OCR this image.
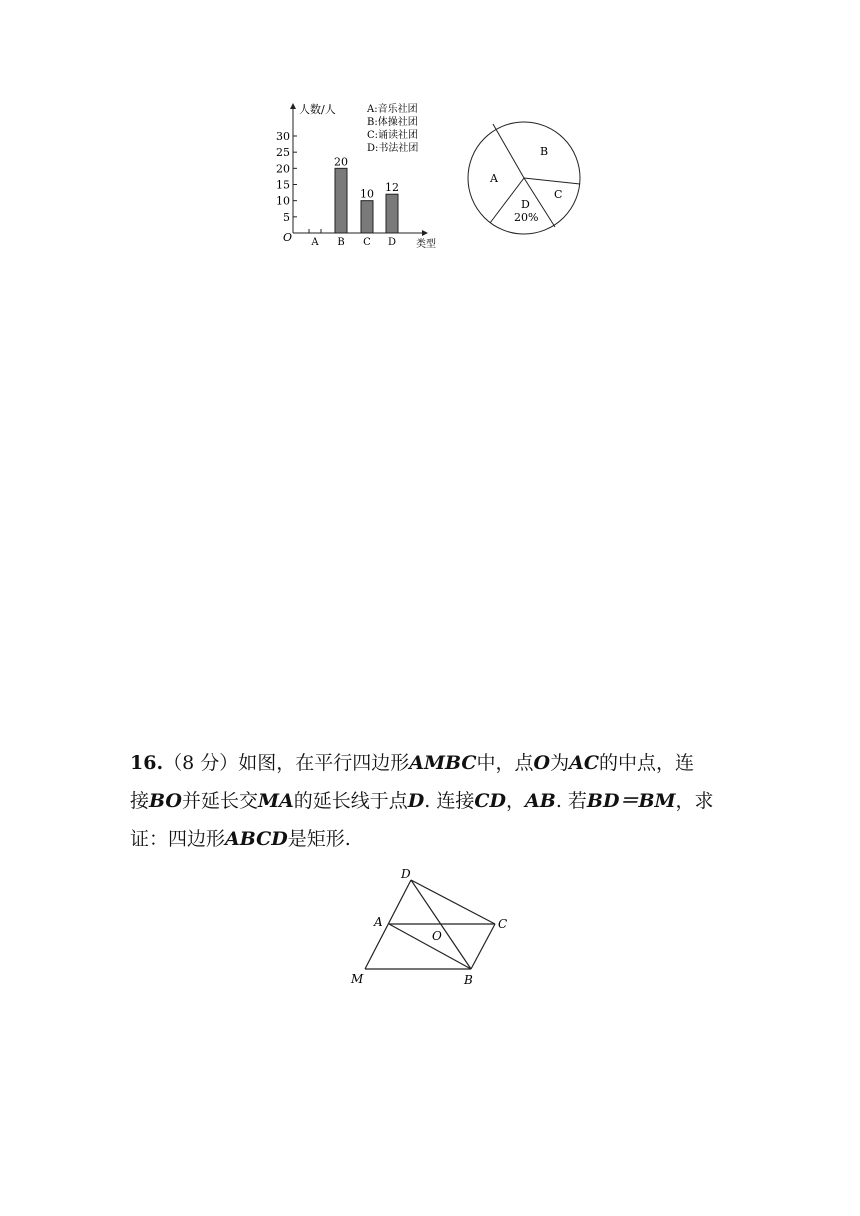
人数/人
类型
O
5
10
15
20
25
30
20
10 12
A B C D
A:音乐社团
B:体操社团
C:诵读社团
D:书法社团
A
B
C
D
20%
16.（8 分）如图，在平行四边形AMBC中，点O为AC的中点，连
接BO并延长交MA的延长线于点D. 连接CD，AB. 若BD＝BM，求
证：四边形ABCD是矩形.
D
A
O
C
M	B
